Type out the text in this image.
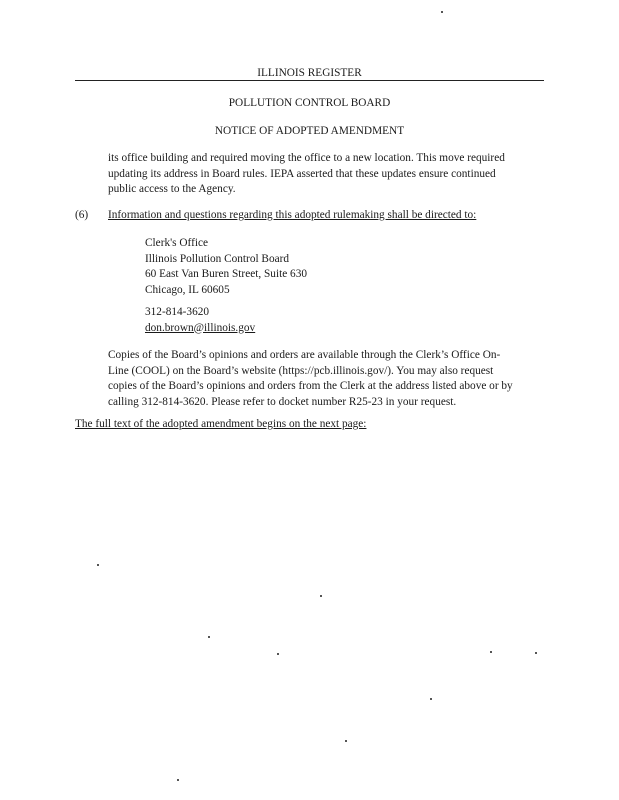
ILLINOIS REGISTER
POLLUTION CONTROL BOARD
NOTICE OF ADOPTED AMENDMENT
its office building and required moving the office to a new location. This move required
updating its address in Board rules. IEPA asserted that these updates ensure continued
public access to the Agency.
(6) Information and questions regarding this adopted rulemaking shall be directed to:
Clerk's Office
Illinois Pollution Control Board
60 East Van Buren Street, Suite 630
Chicago, IL 60605
312-814-3620
don.brown@illinois.gov
Copies of the Board’s opinions and orders are available through the Clerk’s Office On-
Line (COOL) on the Board’s website (https://pcb.illinois.gov/). You may also request
copies of the Board’s opinions and orders from the Clerk at the address listed above or by
calling 312-814-3620. Please refer to docket number R25-23 in your request.
The full text of the adopted amendment begins on the next page:
